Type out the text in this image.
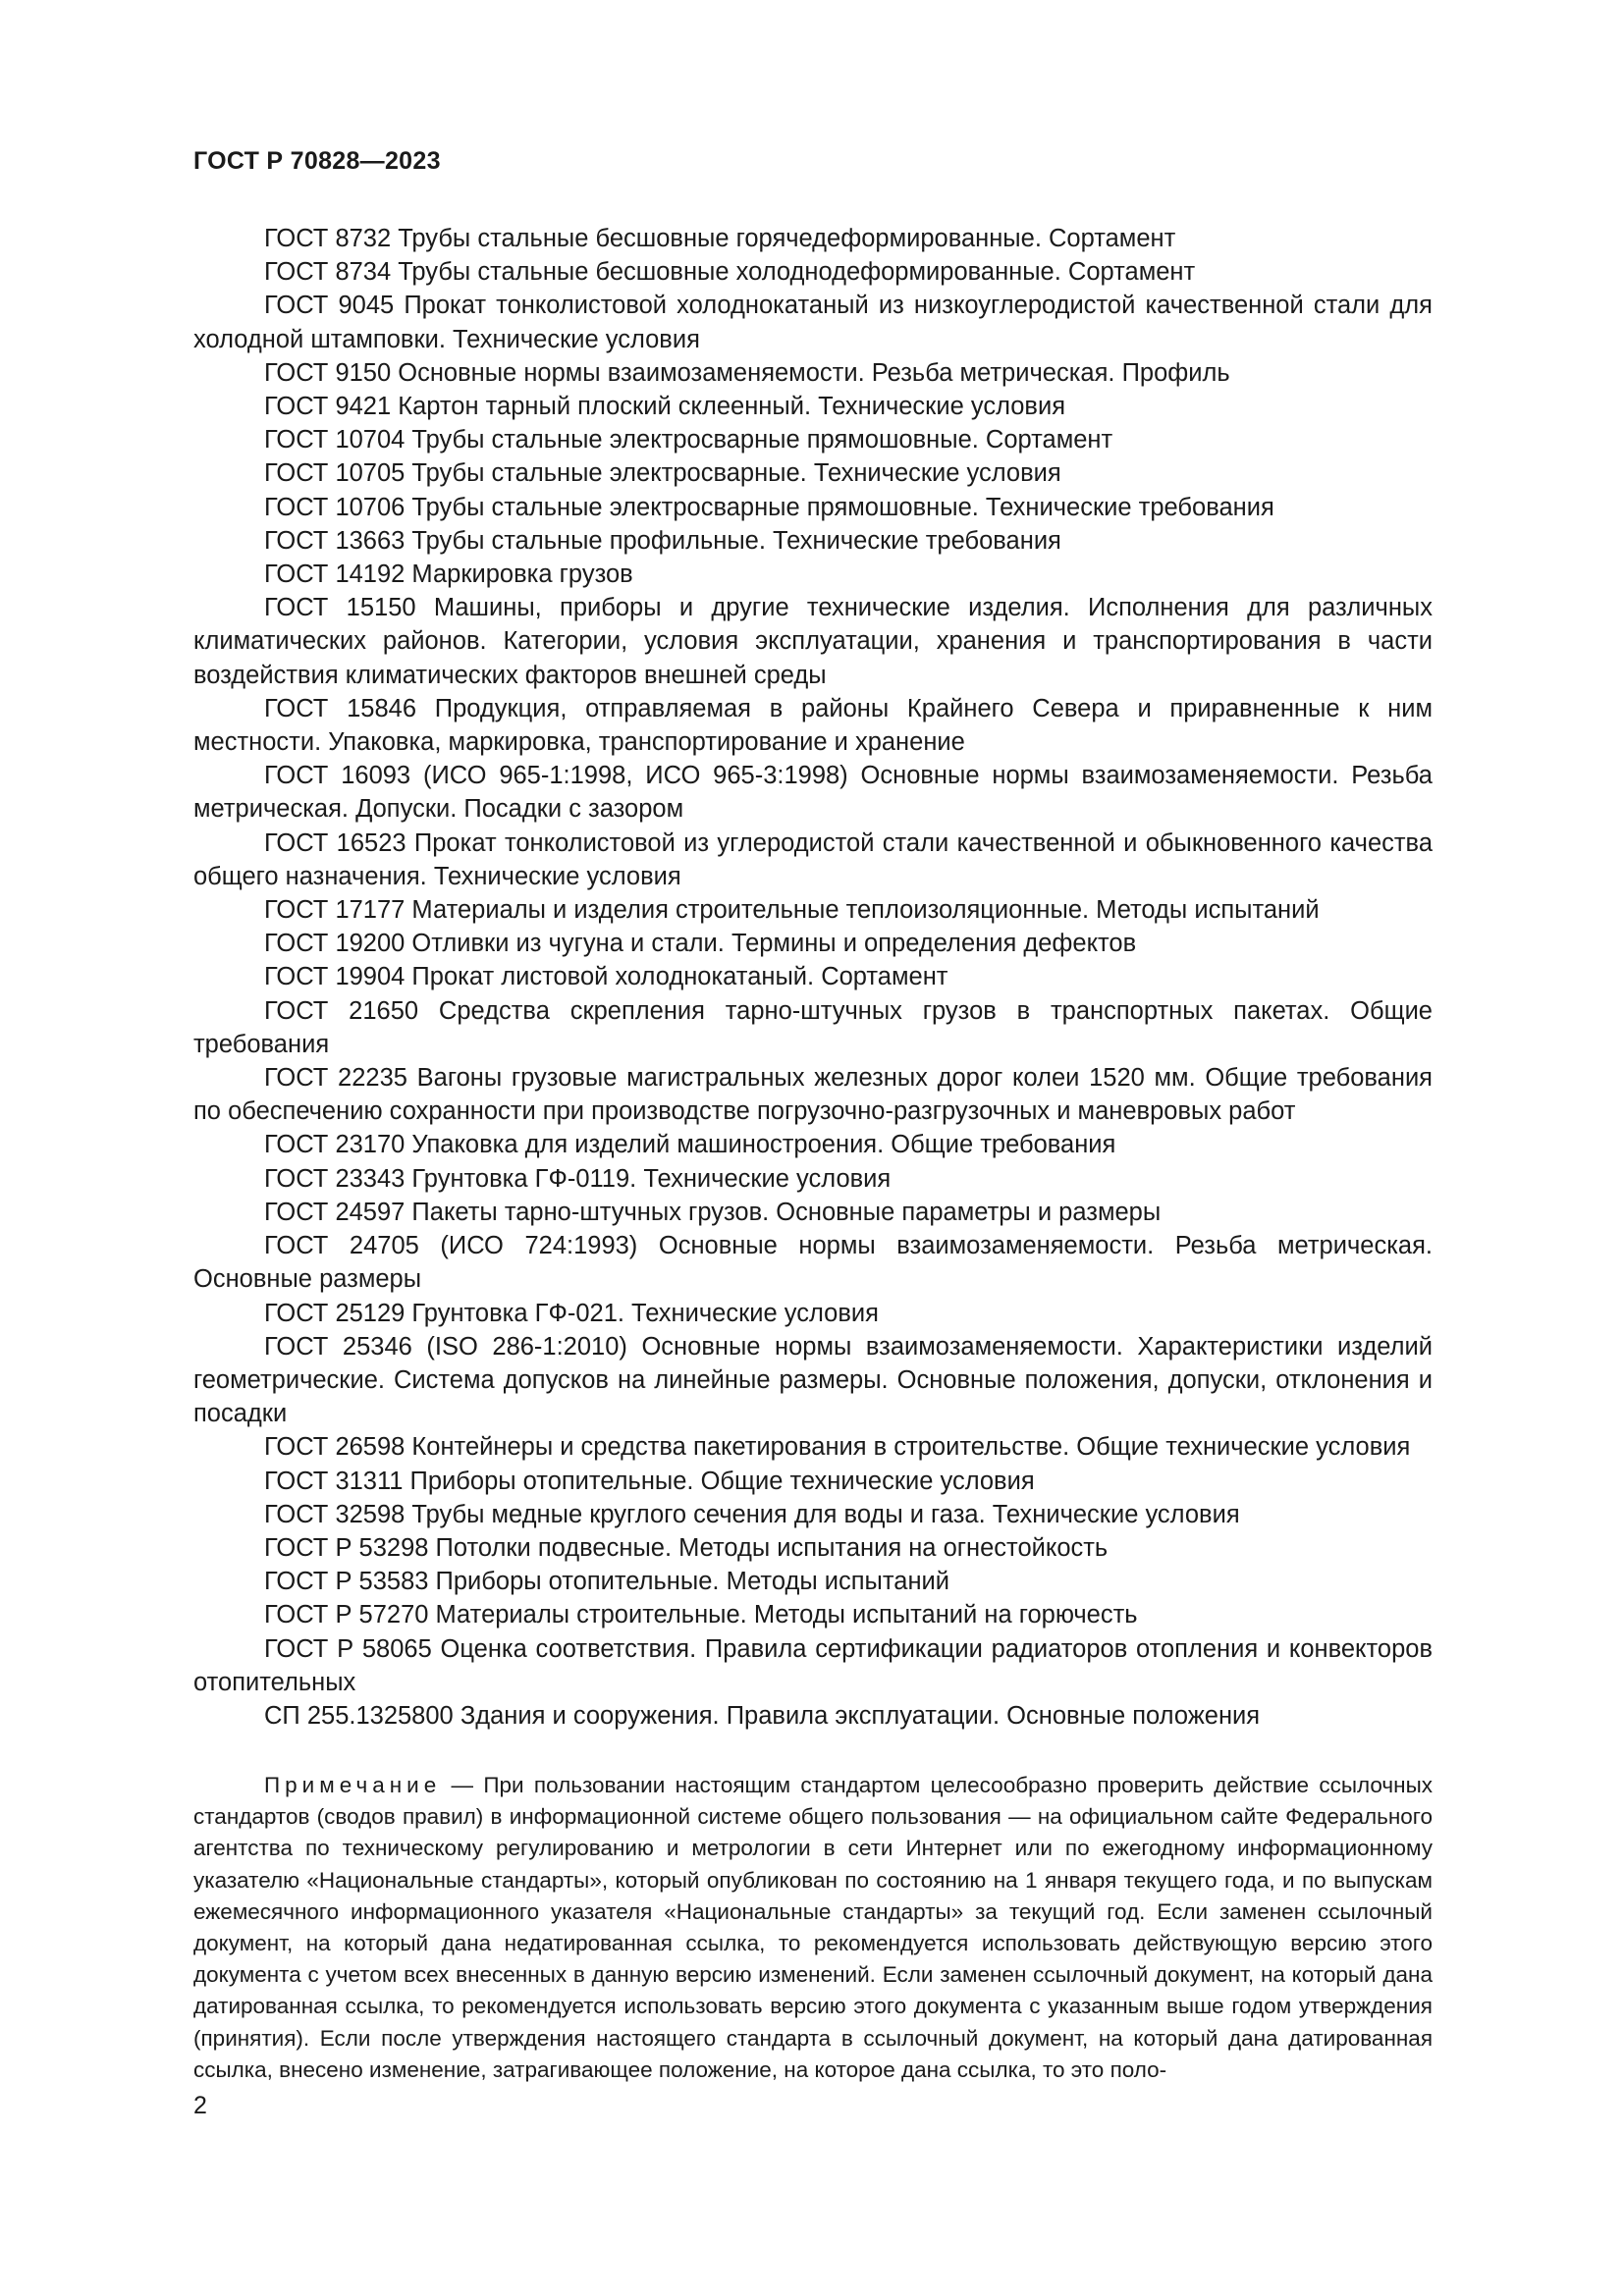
ГОСТ Р 70828—2023

ГОСТ 8732 Трубы стальные бесшовные горячедеформированные. Сортамент

ГОСТ 8734 Трубы стальные бесшовные холоднодеформированные. Сортамент

ГОСТ 9045 Прокат тонколистовой холоднокатаный из низкоуглеродистой качественной стали для холодной штамповки. Технические условия

ГОСТ 9150 Основные нормы взаимозаменяемости. Резьба метрическая. Профиль

ГОСТ 9421 Картон тарный плоский склеенный. Технические условия

ГОСТ 10704 Трубы стальные электросварные прямошовные. Сортамент

ГОСТ 10705 Трубы стальные электросварные. Технические условия

ГОСТ 10706 Трубы стальные электросварные прямошовные. Технические требования

ГОСТ 13663 Трубы стальные профильные. Технические требования

ГОСТ 14192 Маркировка грузов

ГОСТ 15150 Машины, приборы и другие технические изделия. Исполнения для различных климатических районов. Категории, условия эксплуатации, хранения и транспортирования в части воздействия климатических факторов внешней среды

ГОСТ 15846 Продукция, отправляемая в районы Крайнего Севера и приравненные к ним местности. Упаковка, маркировка, транспортирование и хранение

ГОСТ 16093 (ИСО 965-1:1998, ИСО 965-3:1998) Основные нормы взаимозаменяемости. Резьба метрическая. Допуски. Посадки с зазором

ГОСТ 16523 Прокат тонколистовой из углеродистой стали качественной и обыкновенного качества общего назначения. Технические условия

ГОСТ 17177 Материалы и изделия строительные теплоизоляционные. Методы испытаний

ГОСТ 19200 Отливки из чугуна и стали. Термины и определения дефектов

ГОСТ 19904 Прокат листовой холоднокатаный. Сортамент

ГОСТ 21650 Средства скрепления тарно-штучных грузов в транспортных пакетах. Общие требования

ГОСТ 22235 Вагоны грузовые магистральных железных дорог колеи 1520 мм. Общие требования по обеспечению сохранности при производстве погрузочно-разгрузочных и маневровых работ

ГОСТ 23170 Упаковка для изделий машиностроения. Общие требования

ГОСТ 23343 Грунтовка ГФ-0119. Технические условия

ГОСТ 24597 Пакеты тарно-штучных грузов. Основные параметры и размеры

ГОСТ 24705 (ИСО 724:1993) Основные нормы взаимозаменяемости. Резьба метрическая. Основные размеры

ГОСТ 25129 Грунтовка ГФ-021. Технические условия

ГОСТ 25346 (ISO 286-1:2010) Основные нормы взаимозаменяемости. Характеристики изделий геометрические. Система допусков на линейные размеры. Основные положения, допуски, отклонения и посадки

ГОСТ 26598 Контейнеры и средства пакетирования в строительстве. Общие технические условия

ГОСТ 31311 Приборы отопительные. Общие технические условия

ГОСТ 32598 Трубы медные круглого сечения для воды и газа. Технические условия

ГОСТ Р 53298 Потолки подвесные. Методы испытания на огнестойкость

ГОСТ Р 53583 Приборы отопительные. Методы испытаний

ГОСТ Р 57270 Материалы строительные. Методы испытаний на горючесть

ГОСТ Р 58065 Оценка соответствия. Правила сертификации радиаторов отопления и конвекторов отопительных

СП 255.1325800 Здания и сооружения. Правила эксплуатации. Основные положения

Примечание — При пользовании настоящим стандартом целесообразно проверить действие ссылочных стандартов (сводов правил) в информационной системе общего пользования — на официальном сайте Федерального агентства по техническому регулированию и метрологии в сети Интернет или по ежегодному информационному указателю «Национальные стандарты», который опубликован по состоянию на 1 января текущего года, и по выпускам ежемесячного информационного указателя «Национальные стандарты» за текущий год. Если заменен ссылочный документ, на который дана недатированная ссылка, то рекомендуется использовать действующую версию этого документа с учетом всех внесенных в данную версию изменений. Если заменен ссылочный документ, на который дана датированная ссылка, то рекомендуется использовать версию этого документа с указанным выше годом утверждения (принятия). Если после утверждения настоящего стандарта в ссылочный документ, на который дана датированная ссылка, внесено изменение, затрагивающее положение, на которое дана ссылка, то это поло-

2
